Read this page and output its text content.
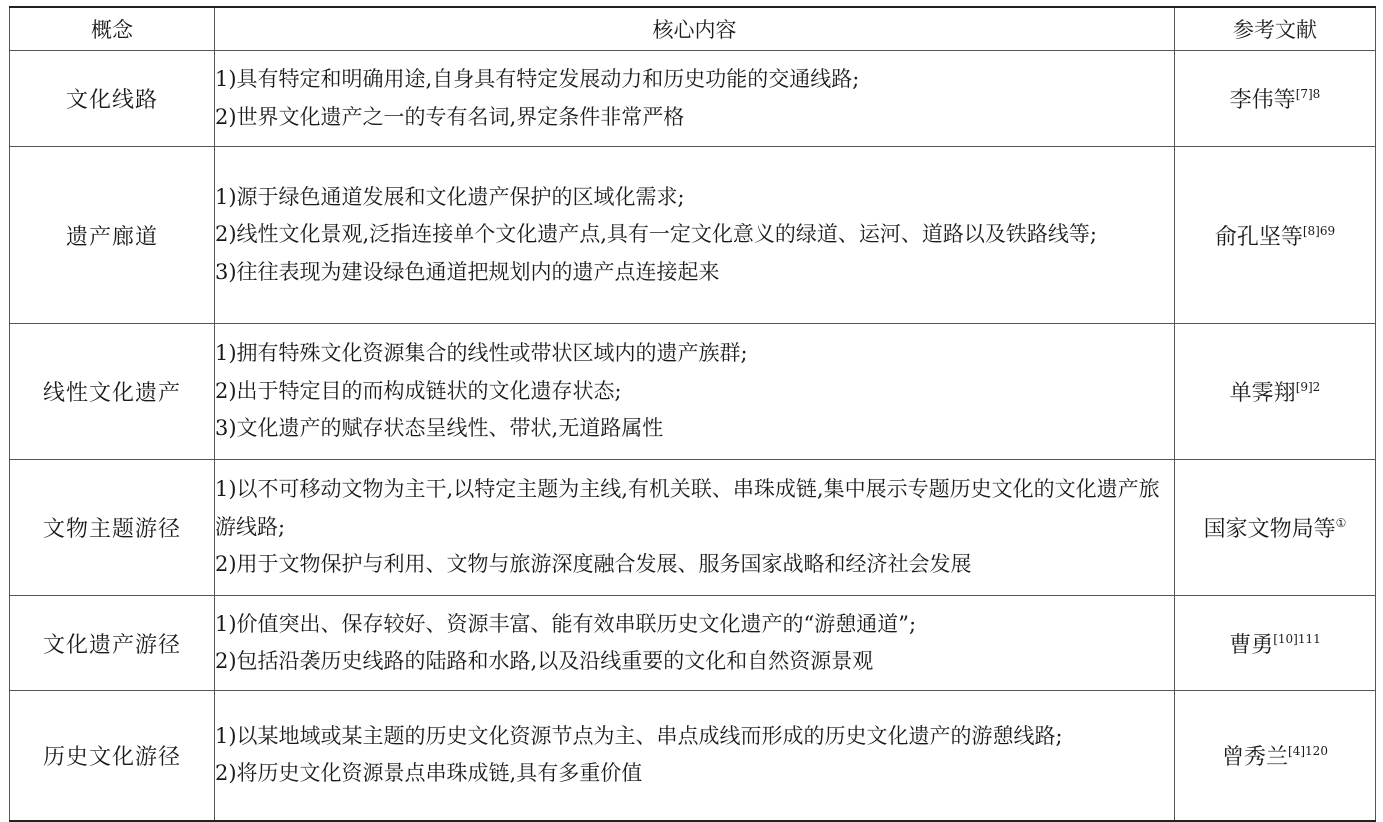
概念	核心内容	参考文献
文化线路	1)具有特定和明确用途,自身具有特定发展动力和历史功能的交通线路;
2)世界文化遗产之一的专有名词,界定条件非常严格	李伟等$^{[7]8}$
遗产廊道	1)源于绿色通道发展和文化遗产保护的区域化需求;
2)线性文化景观,泛指连接单个文化遗产点,具有一定文化意义的绿道、运河、道路以及铁路线等;
3)往往表现为建设绿色通道把规划内的遗产点连接起来	俞孔坚等$^{[8]69}$
线性文化遗产	1)拥有特殊文化资源集合的线性或带状区域内的遗产族群;
2)出于特定目的而构成链状的文化遗存状态;
3)文化遗产的赋存状态呈线性、带状,无道路属性	单霁翔$^{[9]2}$
文物主题游径	1)以不可移动文物为主干,以特定主题为主线,有机关联、串珠成链,集中展示专题历史文化的文化遗产旅游线路;
2)用于文物保护与利用、文物与旅游深度融合发展、服务国家战略和经济社会发展	国家文物局等①
文化遗产游径	1)价值突出、保存较好、资源丰富、能有效串联历史文化遗产的“游憩通道”;
2)包括沿袭历史线路的陆路和水路,以及沿线重要的文化和自然资源景观	曹勇$^{[10]111}$
历史文化游径	1)以某地域或某主题的历史文化资源节点为主、串点成线而形成的历史文化遗产的游憩线路;
2)将历史文化资源景点串珠成链,具有多重价值	曾秀兰$^{[4]120}$
